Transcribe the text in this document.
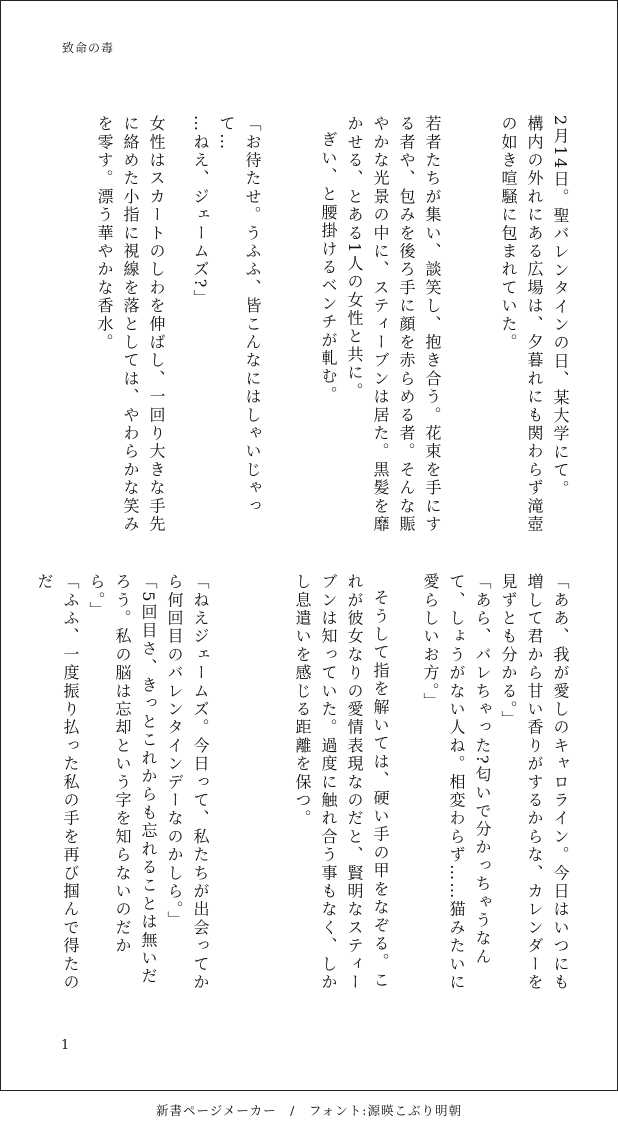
致命の毒
2月14日。聖バレンタインの日、某大学にて。
構内の外れにある広場は、夕暮れにも関わらず滝壺の如き喧騒に包まれていた。
若者たちが集い、談笑し、抱き合う。花束を手にする者や、包みを後ろ手に顔を赤らめる者。そんな賑やかな光景の中に、スティーブンは居た。黒髪を靡かせる、とある1人の女性と共に。
ぎい、と腰掛けるベンチが軋む。
「お待たせ。うふふ、皆こんなにはしゃいじゃって…
…ねえ、ジェームズ?」
女性はスカートのしわを伸ばし、一回り大きな手先に絡めた小指に視線を落としては、やわらかな笑みを零す。漂う華やかな香水。
「ああ、我が愛しのキャロライン。今日はいつにも増して君から甘い香りがするからな、カレンダーを見ずとも分かる。」
「あら、バレちゃった?匂いで分かっちゃうなんて、しょうがない人ね。相変わらず……猫みたいに愛らしいお方。」
そうして指を解いては、硬い手の甲をなぞる。これが彼女なりの愛情表現なのだと、賢明なスティーブンは知っていた。過度に触れ合う事もなく、しかし息遣いを感じる距離を保つ。
「ねえジェームズ。今日って、私たちが出会ってから何回目のバレンタインデーなのかしら。」
「5回目さ、きっとこれからも忘れることは無いだろう。私の脳は忘却という字を知らないのだから。」
「ふふ、一度振り払った私の手を再び掴んで得たのだ
1
新書ページメーカー　/　フォント:源暎こぶり明朝
